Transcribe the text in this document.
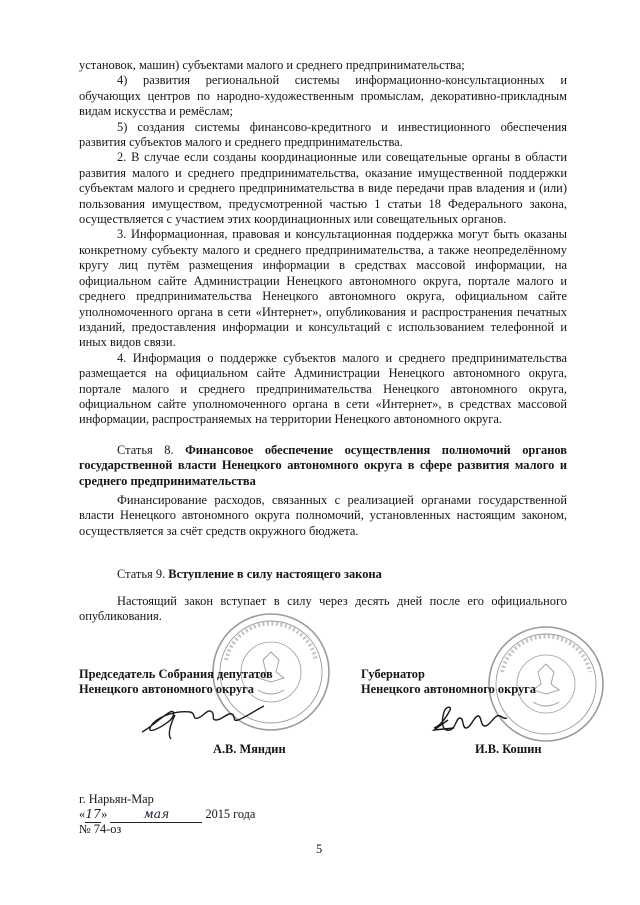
установок, машин) субъектами малого и среднего предпринимательства;

4) развития региональной системы информационно-консультационных и обучающих центров по народно-художественным промыслам, декоративно-прикладным видам искусства и ремёслам;

5) создания системы финансово-кредитного и инвестиционного обеспечения развития субъектов малого и среднего предпринимательства.

2. В случае если созданы координационные или совещательные органы в области развития малого и среднего предпринимательства, оказание имущественной поддержки субъектам малого и среднего предпринимательства в виде передачи прав владения и (или) пользования имуществом, предусмотренной частью 1 статьи 18 Федерального закона, осуществляется с участием этих координационных или совещательных органов.

3. Информационная, правовая и консультационная поддержка могут быть оказаны конкретному субъекту малого и среднего предпринимательства, а также неопределённому кругу лиц путём размещения информации в средствах массовой информации, на официальном сайте Администрации Ненецкого автономного округа, портале малого и среднего предпринимательства Ненецкого автономного округа, официальном сайте уполномоченного органа в сети «Интернет», опубликования и распространения печатных изданий, предоставления информации и консультаций с использованием телефонной и иных видов связи.

4. Информация о поддержке субъектов малого и среднего предпринимательства размещается на официальном сайте Администрации Ненецкого автономного округа, портале малого и среднего предпринимательства Ненецкого автономного округа, официальном сайте уполномоченного органа в сети «Интернет», в средствах массовой информации, распространяемых на территории Ненецкого автономного округа.

Статья 8. Финансовое обеспечение осуществления полномочий органов государственной власти Ненецкого автономного округа в сфере развития малого и среднего предпринимательства

Финансирование расходов, связанных с реализацией органами государственной власти Ненецкого автономного округа полномочий, установленных настоящим законом, осуществляется за счёт средств окружного бюджета.

Статья 9. Вступление в силу настоящего закона

Настоящий закон вступает в силу через десять дней после его официального опубликования.

Председатель Собрания депутатов
Ненецкого автономного округа
Губернатор
Ненецкого автономного округа
А.В. Мяндин	И.В. Кошин
г. Нарьян-Мар
«17»	мая	2015 года
№ 74-оз
5
